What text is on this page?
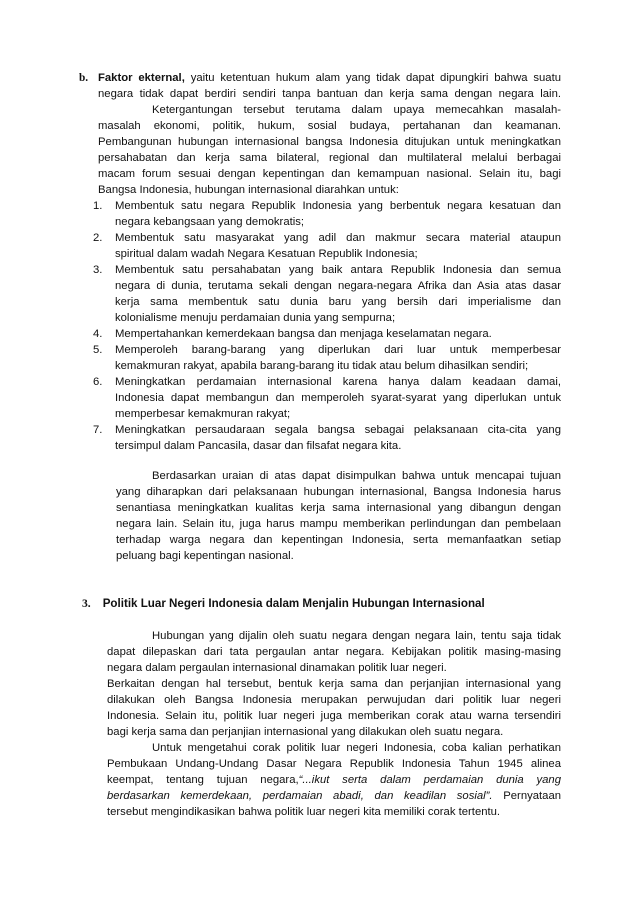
b. Faktor ekternal, yaitu ketentuan hukum alam yang tidak dapat dipungkiri bahwa suatu
negara tidak dapat berdiri sendiri tanpa bantuan dan kerja sama dengan negara lain.
Ketergantungan tersebut terutama dalam upaya memecahkan masalah-
masalah ekonomi, politik, hukum, sosial budaya, pertahanan dan keamanan.
Pembangunan hubungan internasional bangsa Indonesia ditujukan untuk meningkatkan
persahabatan dan kerja sama bilateral, regional dan multilateral melalui berbagai
macam forum sesuai dengan kepentingan dan kemampuan nasional. Selain itu, bagi
Bangsa Indonesia, hubungan internasional diarahkan untuk:
1. Membentuk satu negara Republik Indonesia yang berbentuk negara kesatuan dan
negara kebangsaan yang demokratis;
2. Membentuk satu masyarakat yang adil dan makmur secara material ataupun
spiritual dalam wadah Negara Kesatuan Republik Indonesia;
3. Membentuk satu persahabatan yang baik antara Republik Indonesia dan semua
negara di dunia, terutama sekali dengan negara-negara Afrika dan Asia atas dasar
kerja sama membentuk satu dunia baru yang bersih dari imperialisme dan
kolonialisme menuju perdamaian dunia yang sempurna;
4. Mempertahankan kemerdekaan bangsa dan menjaga keselamatan negara.
5. Memperoleh barang-barang yang diperlukan dari luar untuk memperbesar
kemakmuran rakyat, apabila barang-barang itu tidak atau belum dihasilkan sendiri;
6. Meningkatkan perdamaian internasional karena hanya dalam keadaan damai,
Indonesia dapat membangun dan memperoleh syarat-syarat yang diperlukan untuk
memperbesar kemakmuran rakyat;
7. Meningkatkan persaudaraan segala bangsa sebagai pelaksanaan cita-cita yang
tersimpul dalam Pancasila, dasar dan filsafat negara kita.
Berdasarkan uraian di atas dapat disimpulkan bahwa untuk mencapai tujuan
yang diharapkan dari pelaksanaan hubungan internasional, Bangsa Indonesia harus
senantiasa meningkatkan kualitas kerja sama internasional yang dibangun dengan
negara lain. Selain itu, juga harus mampu memberikan perlindungan dan pembelaan
terhadap warga negara dan kepentingan Indonesia, serta memanfaatkan setiap
peluang bagi kepentingan nasional.
3. Politik Luar Negeri Indonesia dalam Menjalin Hubungan Internasional
Hubungan yang dijalin oleh suatu negara dengan negara lain, tentu saja tidak
dapat dilepaskan dari tata pergaulan antar negara. Kebijakan politik masing-masing
negara dalam pergaulan internasional dinamakan politik luar negeri.
Berkaitan dengan hal tersebut, bentuk kerja sama dan perjanjian internasional yang
dilakukan oleh Bangsa Indonesia merupakan perwujudan dari politik luar negeri
Indonesia. Selain itu, politik luar negeri juga memberikan corak atau warna tersendiri
bagi kerja sama dan perjanjian internasional yang dilakukan oleh suatu negara.
Untuk mengetahui corak politik luar negeri Indonesia, coba kalian perhatikan
Pembukaan Undang-Undang Dasar Negara Republik Indonesia Tahun 1945 alinea
keempat, tentang tujuan negara,“...ikut serta dalam perdamaian dunia yang
berdasarkan kemerdekaan, perdamaian abadi, dan keadilan sosial”. Pernyataan
tersebut mengindikasikan bahwa politik luar negeri kita memiliki corak tertentu.
